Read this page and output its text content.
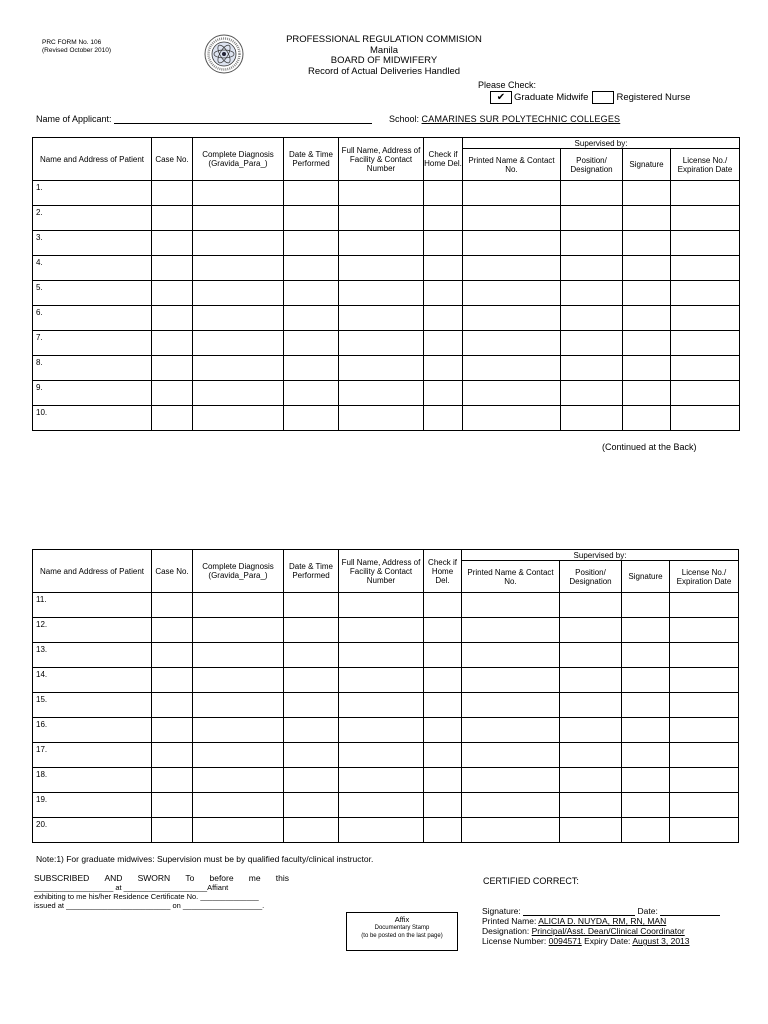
PRC FORM No. 106
(Revised October 2010)
PROFESSIONAL REGULATION COMMISION
Manila
BOARD OF MIDWIFERY
Record of Actual Deliveries Handled
Please Check:
✔ Graduate Midwife	Registered Nurse
Name of Applicant:	School: CAMARINES SUR POLYTECHNIC COLLEGES
Name and Address of Patient	Case No.	Complete Diagnosis (Gravida_Para_)	Date & Time Performed	Full Name, Address of Facility & Contact Number	Check if Home Del.	Supervised by:			
						Printed Name & Contact No.	Position/ Designation	Signature	License No./ Expiration Date
1.									
2.									
3.									
4.									
5.									
6.									
7.									
8.									
9.									
10.									
(Continued at the Back)
Name and Address of Patient	Case No.	Complete Diagnosis (Gravida_Para_)	Date & Time Performed	Full Name, Address of Facility & Contact Number	Check if Home Del.	Supervised by:			
						Printed Name & Contact No.	Position/ Designation	Signature	License No./ Expiration Date
11.									
12.									
13.									
14.									
15.									
16.									
17.									
18.									
19.									
20.									
Note:1) For graduate midwives: Supervision must be by qualified faculty/clinical instructor.
SUBSCRIBED AND SWORN To before me this
___________________ at ____________________Affiant
exhibiting to me his/her Residence Certificate No. ______________
issued at _________________________ on ___________________.
Affix
Documentary Stamp
(to be posted on the last page)
CERTIFIED CORRECT:
Signature:	Date:
Printed Name: ALICIA D. NUYDA, RM, RN, MAN
Designation: Principal/Asst. Dean/Clinical Coordinator
License Number: 0094571 Expiry Date: August 3, 2013
